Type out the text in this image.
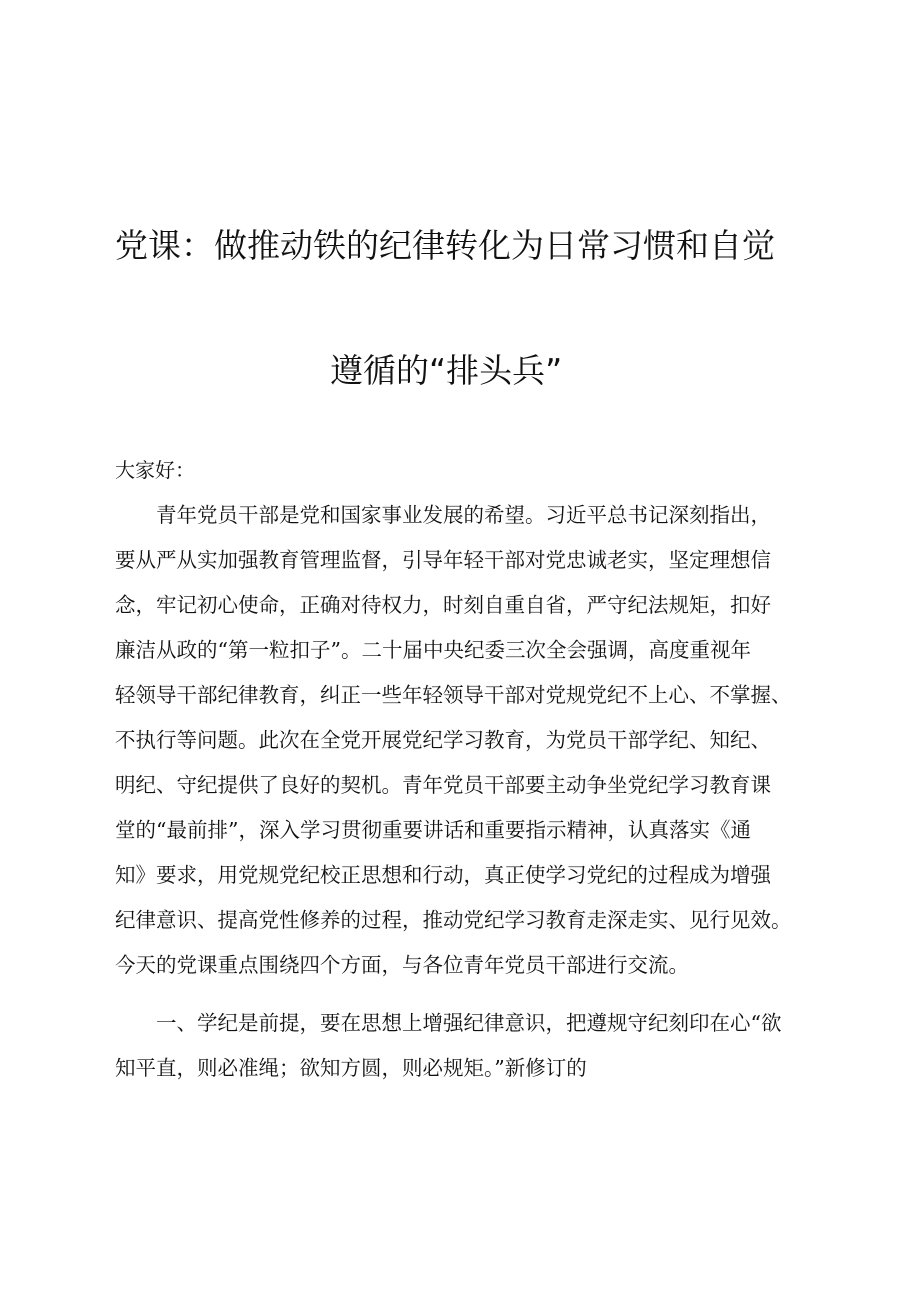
党课：做推动铁的纪律转化为日常习惯和自觉
遵循的“排头兵”
大家好：
　　青年党员干部是党和国家事业发展的希望。习近平总书记深刻指出，
要从严从实加强教育管理监督，引导年轻干部对党忠诚老实，坚定理想信
念，牢记初心使命，正确对待权力，时刻自重自省，严守纪法规矩，扣好
廉洁从政的“第一粒扣子”。二十届中央纪委三次全会强调，高度重视年
轻领导干部纪律教育，纠正一些年轻领导干部对党规党纪不上心、不掌握、
不执行等问题。此次在全党开展党纪学习教育，为党员干部学纪、知纪、
明纪、守纪提供了良好的契机。青年党员干部要主动争坐党纪学习教育课
堂的“最前排”，深入学习贯彻重要讲话和重要指示精神，认真落实《通
知》要求，用党规党纪校正思想和行动，真正使学习党纪的过程成为增强
纪律意识、提高党性修养的过程，推动党纪学习教育走深走实、见行见效。
今天的党课重点围绕四个方面，与各位青年党员干部进行交流。
　　一、学纪是前提，要在思想上增强纪律意识，把遵规守纪刻印在心“欲
知平直，则必准绳；欲知方圆，则必规矩。”新修订的
